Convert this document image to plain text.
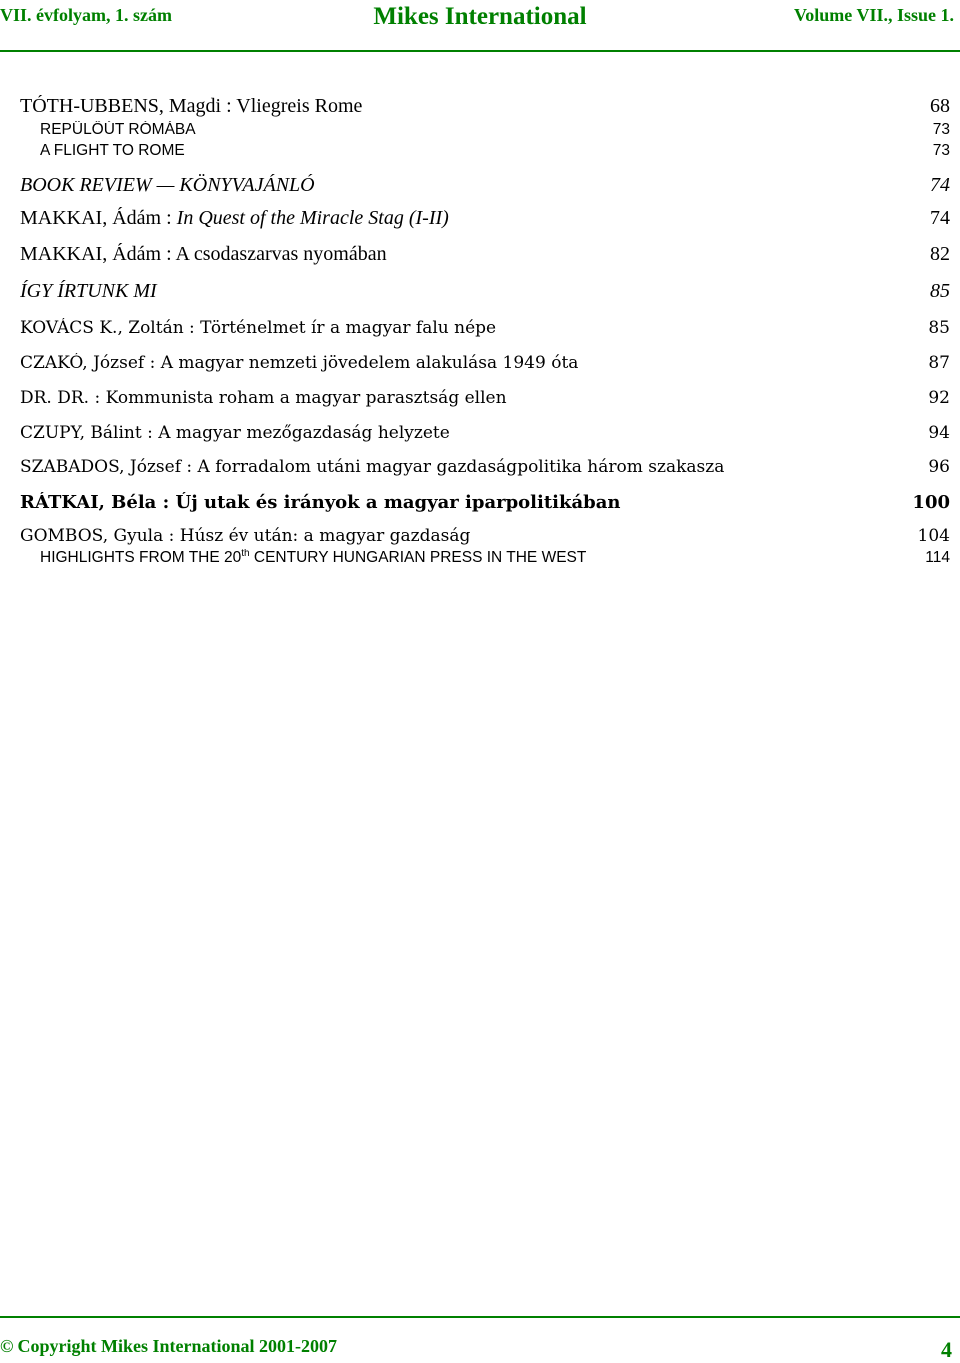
VII. évfolyam, 1. szám	Mikes International	Volume VII., Issue 1.
TÓTH-UBBENS, Magdi : Vliegreis Rome	68
REPÜLŐÚT RÓMÁBA	73
A FLIGHT TO ROME	73
BOOK REVIEW — KÖNYVAJÁNLÓ	74
MAKKAI, Ádám : In Quest of the Miracle Stag (I-II)	74
MAKKAI, Ádám : A csodaszarvas nyomában	82
ÍGY ÍRTUNK MI	85
KOVÁCS K., Zoltán : Történelmet ír a magyar falu népe	85
CZAKÓ, József : A magyar nemzeti jövedelem alakulása 1949 óta	87
DR. DR. : Kommunista roham a magyar parasztság ellen	92
CZUPY, Bálint : A magyar mezőgazdaság helyzete	94
SZABADOS, József : A forradalom utáni magyar gazdaságpolitika három szakasza	96
RÁTKAI, Béla : Új utak és irányok a magyar iparpolitikában	100
GOMBOS, Gyula : Húsz év után: a magyar gazdaság	104
HIGHLIGHTS FROM THE 20th CENTURY HUNGARIAN PRESS IN THE WEST	114
© Copyright Mikes International 2001-2007	4
